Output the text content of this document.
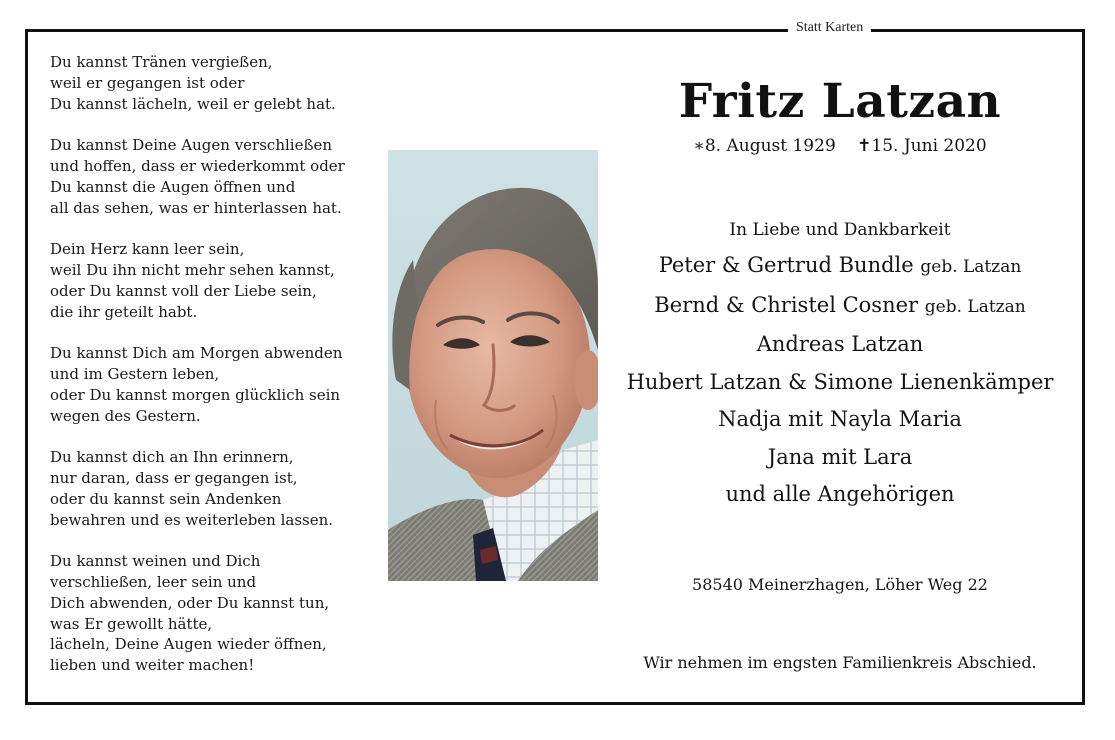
Statt Karten
Du kannst Tränen vergießen,
weil er gegangen ist oder
Du kannst lächeln, weil er gelebt hat.
Du kannst Deine Augen verschließen
und hoffen, dass er wiederkommt oder
Du kannst die Augen öffnen und
all das sehen, was er hinterlassen hat.
Dein Herz kann leer sein,
weil Du ihn nicht mehr sehen kannst,
oder Du kannst voll der Liebe sein,
die ihr geteilt habt.
Du kannst Dich am Morgen abwenden
und im Gestern leben,
oder Du kannst morgen glücklich sein
wegen des Gestern.
Du kannst dich an Ihn erinnern,
nur daran, dass er gegangen ist,
oder du kannst sein Andenken
bewahren und es weiterleben lassen.
Du kannst weinen und Dich
verschließen, leer sein und
Dich abwenden, oder Du kannst tun,
was Er gewollt hätte,
lächeln, Deine Augen wieder öffnen,
lieben und weiter machen!
Fritz Latzan
∗8. August 1929 ✝15. Juni 2020
In Liebe und Dankbarkeit
Peter & Gertrud Bundle geb. Latzan
Bernd & Christel Cosner geb. Latzan
Andreas Latzan
Hubert Latzan & Simone Lienenkämper
Nadja mit Nayla Maria
Jana mit Lara
und alle Angehörigen
58540 Meinerzhagen, Löher Weg 22
Wir nehmen im engsten Familienkreis Abschied.
